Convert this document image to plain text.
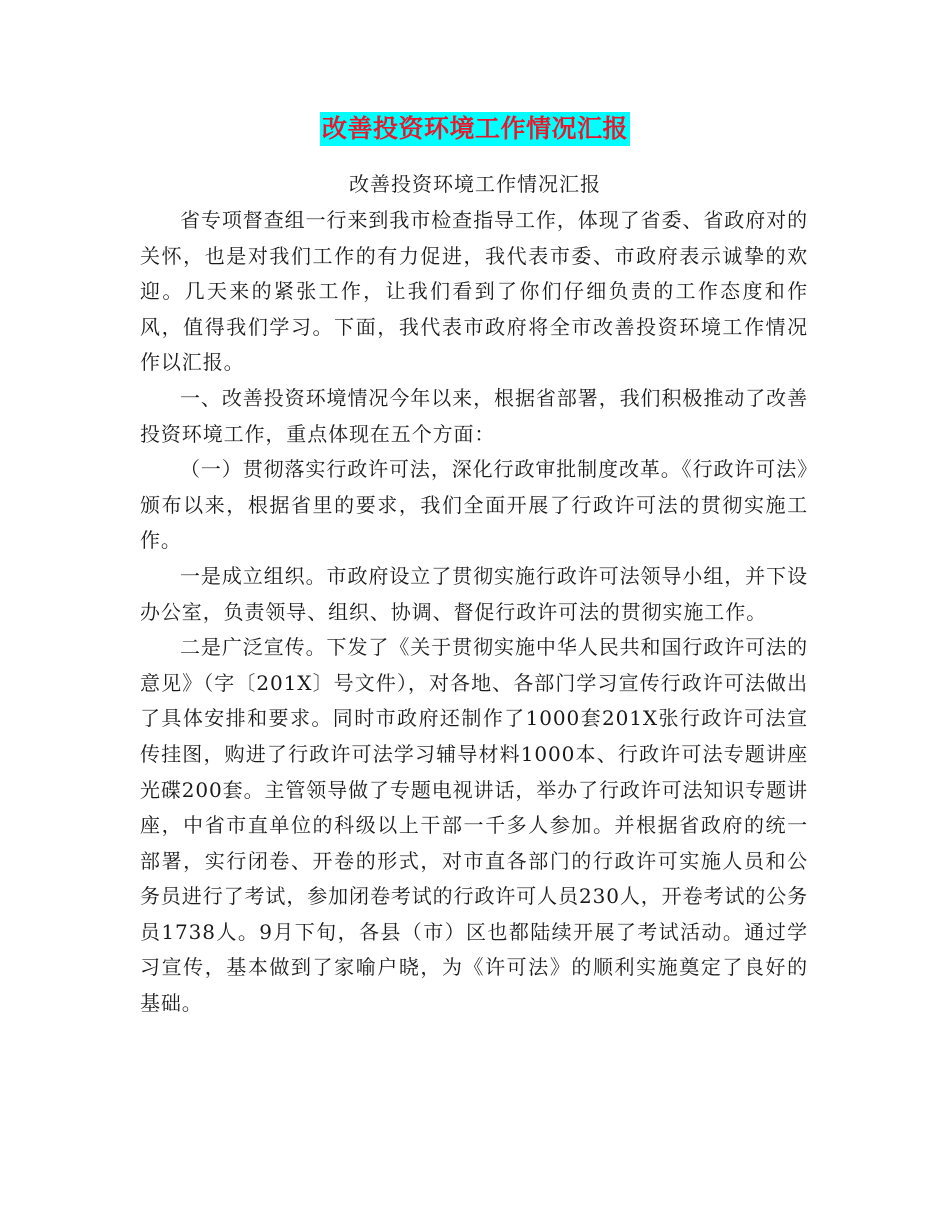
改善投资环境工作情况汇报
改善投资环境工作情况汇报

省专项督查组一行来到我市检查指导工作，体现了省委、省政府对的关怀，也是对我们工作的有力促进，我代表市委、市政府表示诚挚的欢迎。几天来的紧张工作，让我们看到了你们仔细负责的工作态度和作风，值得我们学习。下面，我代表市政府将全市改善投资环境工作情况作以汇报。

一、改善投资环境情况今年以来，根据省部署，我们积极推动了改善投资环境工作，重点体现在五个方面：

（一）贯彻落实行政许可法，深化行政审批制度改革。《行政许可法》颁布以来，根据省里的要求，我们全面开展了行政许可法的贯彻实施工作。

一是成立组织。市政府设立了贯彻实施行政许可法领导小组，并下设办公室，负责领导、组织、协调、督促行政许可法的贯彻实施工作。

二是广泛宣传。下发了《关于贯彻实施中华人民共和国行政许可法的意见》（字〔201X〕号文件），对各地、各部门学习宣传行政许可法做出了具体安排和要求。同时市政府还制作了1000套201X张行政许可法宣传挂图，购进了行政许可法学习辅导材料1000本、行政许可法专题讲座光碟200套。主管领导做了专题电视讲话，举办了行政许可法知识专题讲座，中省市直单位的科级以上干部一千多人参加。并根据省政府的统一部署，实行闭卷、开卷的形式，对市直各部门的行政许可实施人员和公务员进行了考试，参加闭卷考试的行政许可人员230人，开卷考试的公务员1738人。9月下旬，各县（市）区也都陆续开展了考试活动。通过学习宣传，基本做到了家喻户晓，为《许可法》的顺利实施奠定了良好的基础。
